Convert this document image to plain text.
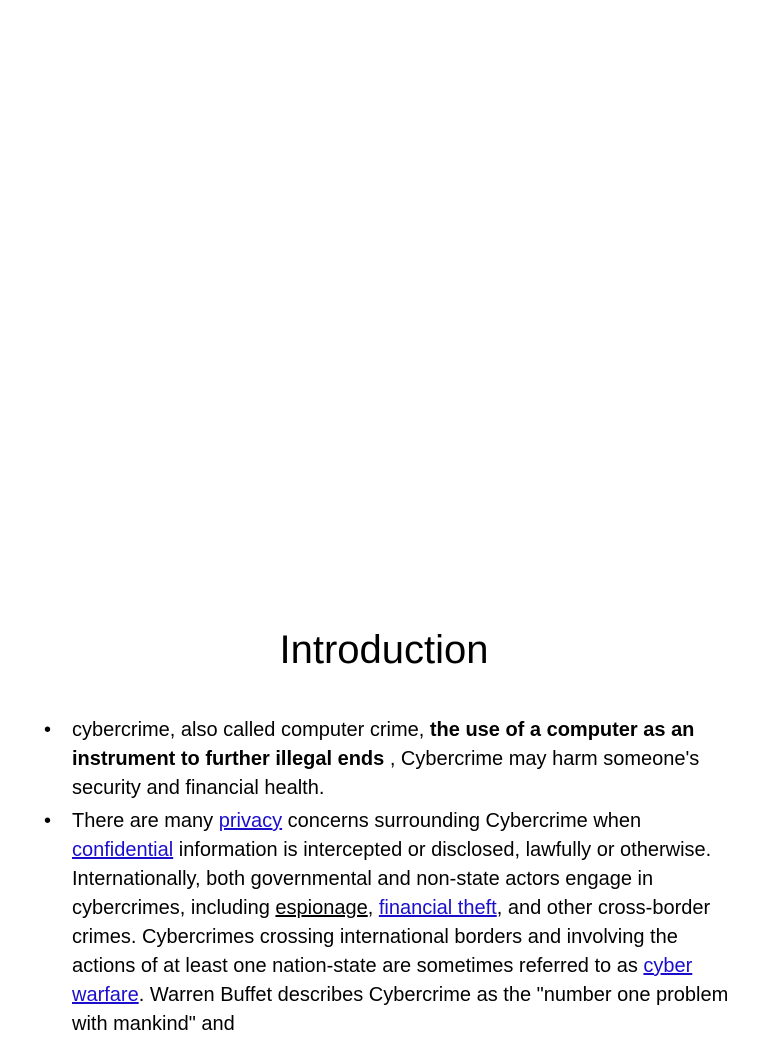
Introduction
•	cybercrime, also called computer crime, the use of a computer as an instrument to further illegal ends , Cybercrime may harm someone's security and financial health.
•	There are many privacy concerns surrounding Cybercrime when confidential information is intercepted or disclosed, lawfully or otherwise. Internationally, both governmental and non-state actors engage in cybercrimes, including espionage, financial theft, and other cross-border crimes. Cybercrimes crossing international borders and involving the actions of at least one nation-state are sometimes referred to as cyber warfare. Warren Buffet describes Cybercrime as the "number one problem with mankind" and
